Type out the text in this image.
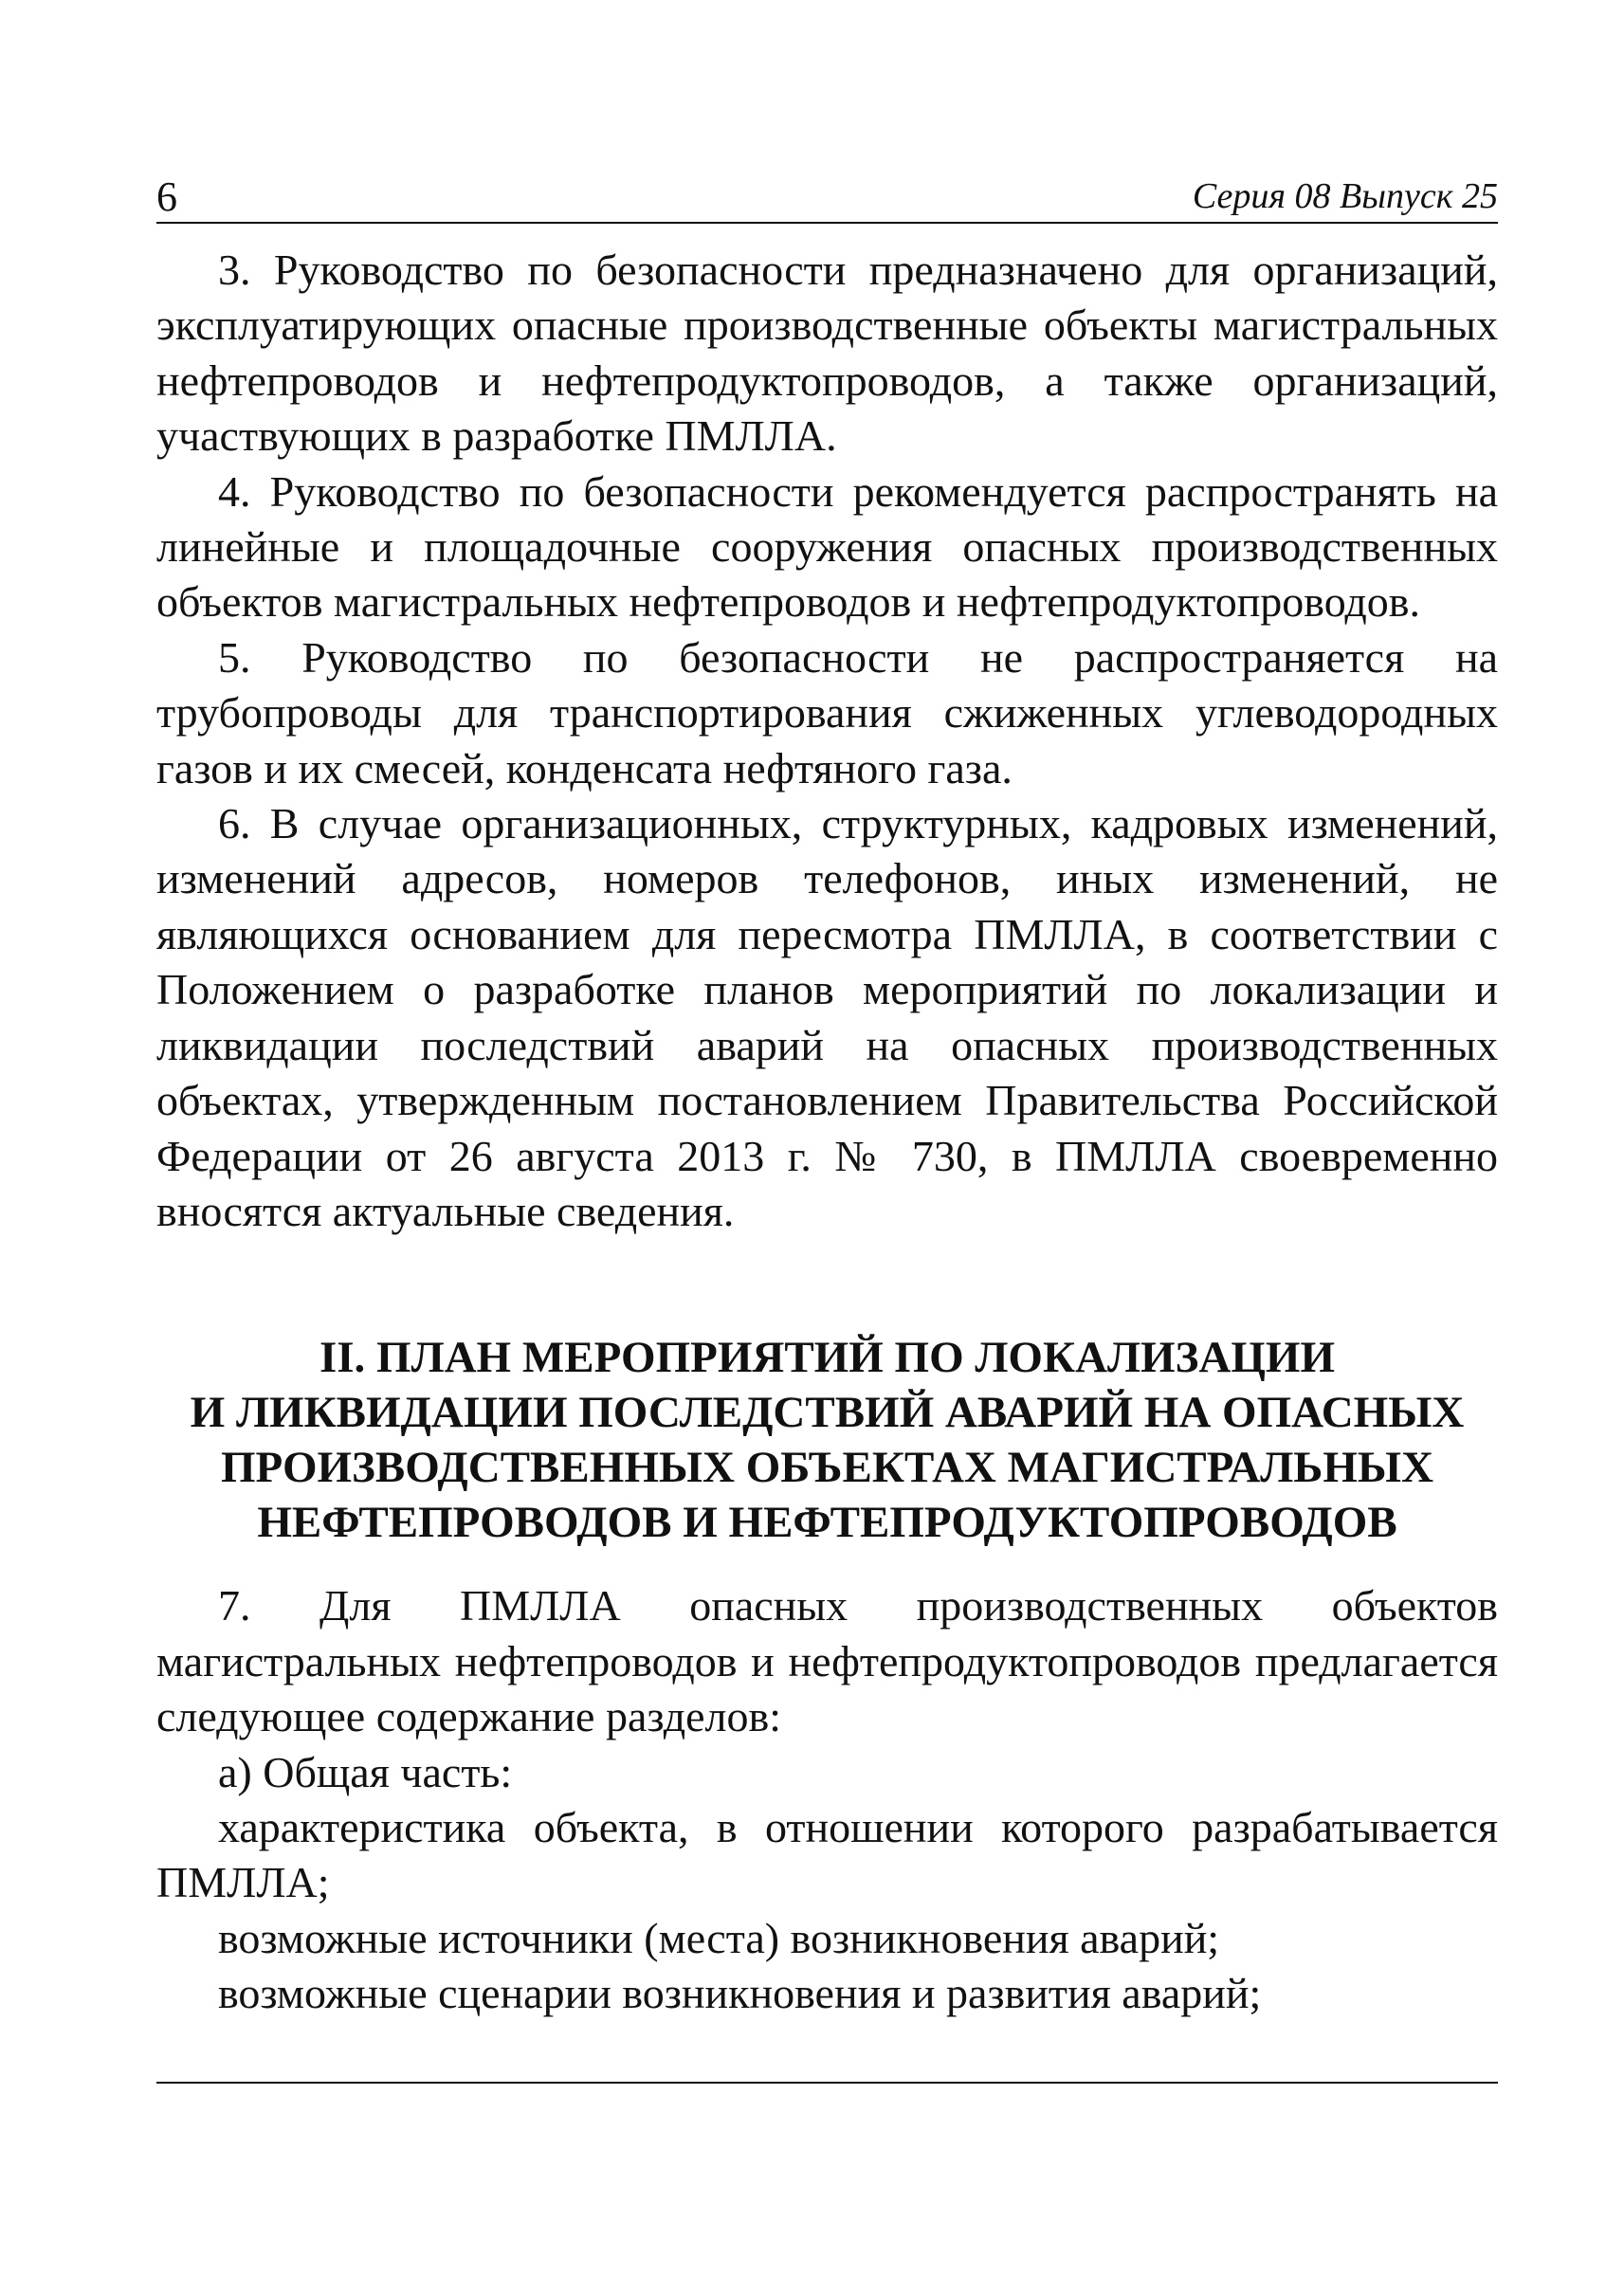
6	Серия 08 Выпуск 25

3. Руководство по безопасности предназначено для организаций, эксплуатирующих опасные производственные объекты магистральных нефтепроводов и нефтепродуктопроводов, а также организаций, участвующих в разработке ПМЛЛА.

4. Руководство по безопасности рекомендуется распространять на линейные и площадочные сооружения опасных производственных объектов магистральных нефтепроводов и нефтепродуктопроводов.

5. Руководство по безопасности не распространяется на трубопроводы для транспортирования сжиженных углеводородных газов и их смесей, конденсата нефтяного газа.

6. В случае организационных, структурных, кадровых изменений, изменений адресов, номеров телефонов, иных изменений, не являющихся основанием для пересмотра ПМЛЛА, в соответствии с Положением о разработке планов мероприятий по локализации и ликвидации последствий аварий на опасных производственных объектах, утвержденным постановлением Правительства Российской Федерации от 26 августа 2013 г. № 730, в ПМЛЛА своевременно вносятся актуальные сведения.

II. ПЛАН МЕРОПРИЯТИЙ ПО ЛОКАЛИЗАЦИИ
И ЛИКВИДАЦИИ ПОСЛЕДСТВИЙ АВАРИЙ НА ОПАСНЫХ
ПРОИЗВОДСТВЕННЫХ ОБЪЕКТАХ МАГИСТРАЛЬНЫХ
НЕФТЕПРОВОДОВ И НЕФТЕПРОДУКТОПРОВОДОВ

7. Для ПМЛЛА опасных производственных объектов магистральных нефтепроводов и нефтепродуктопроводов предлагается следующее содержание разделов:

а) Общая часть:

характеристика объекта, в отношении которого разрабатывается ПМЛЛА;

возможные источники (места) возникновения аварий;

возможные сценарии возникновения и развития аварий;
